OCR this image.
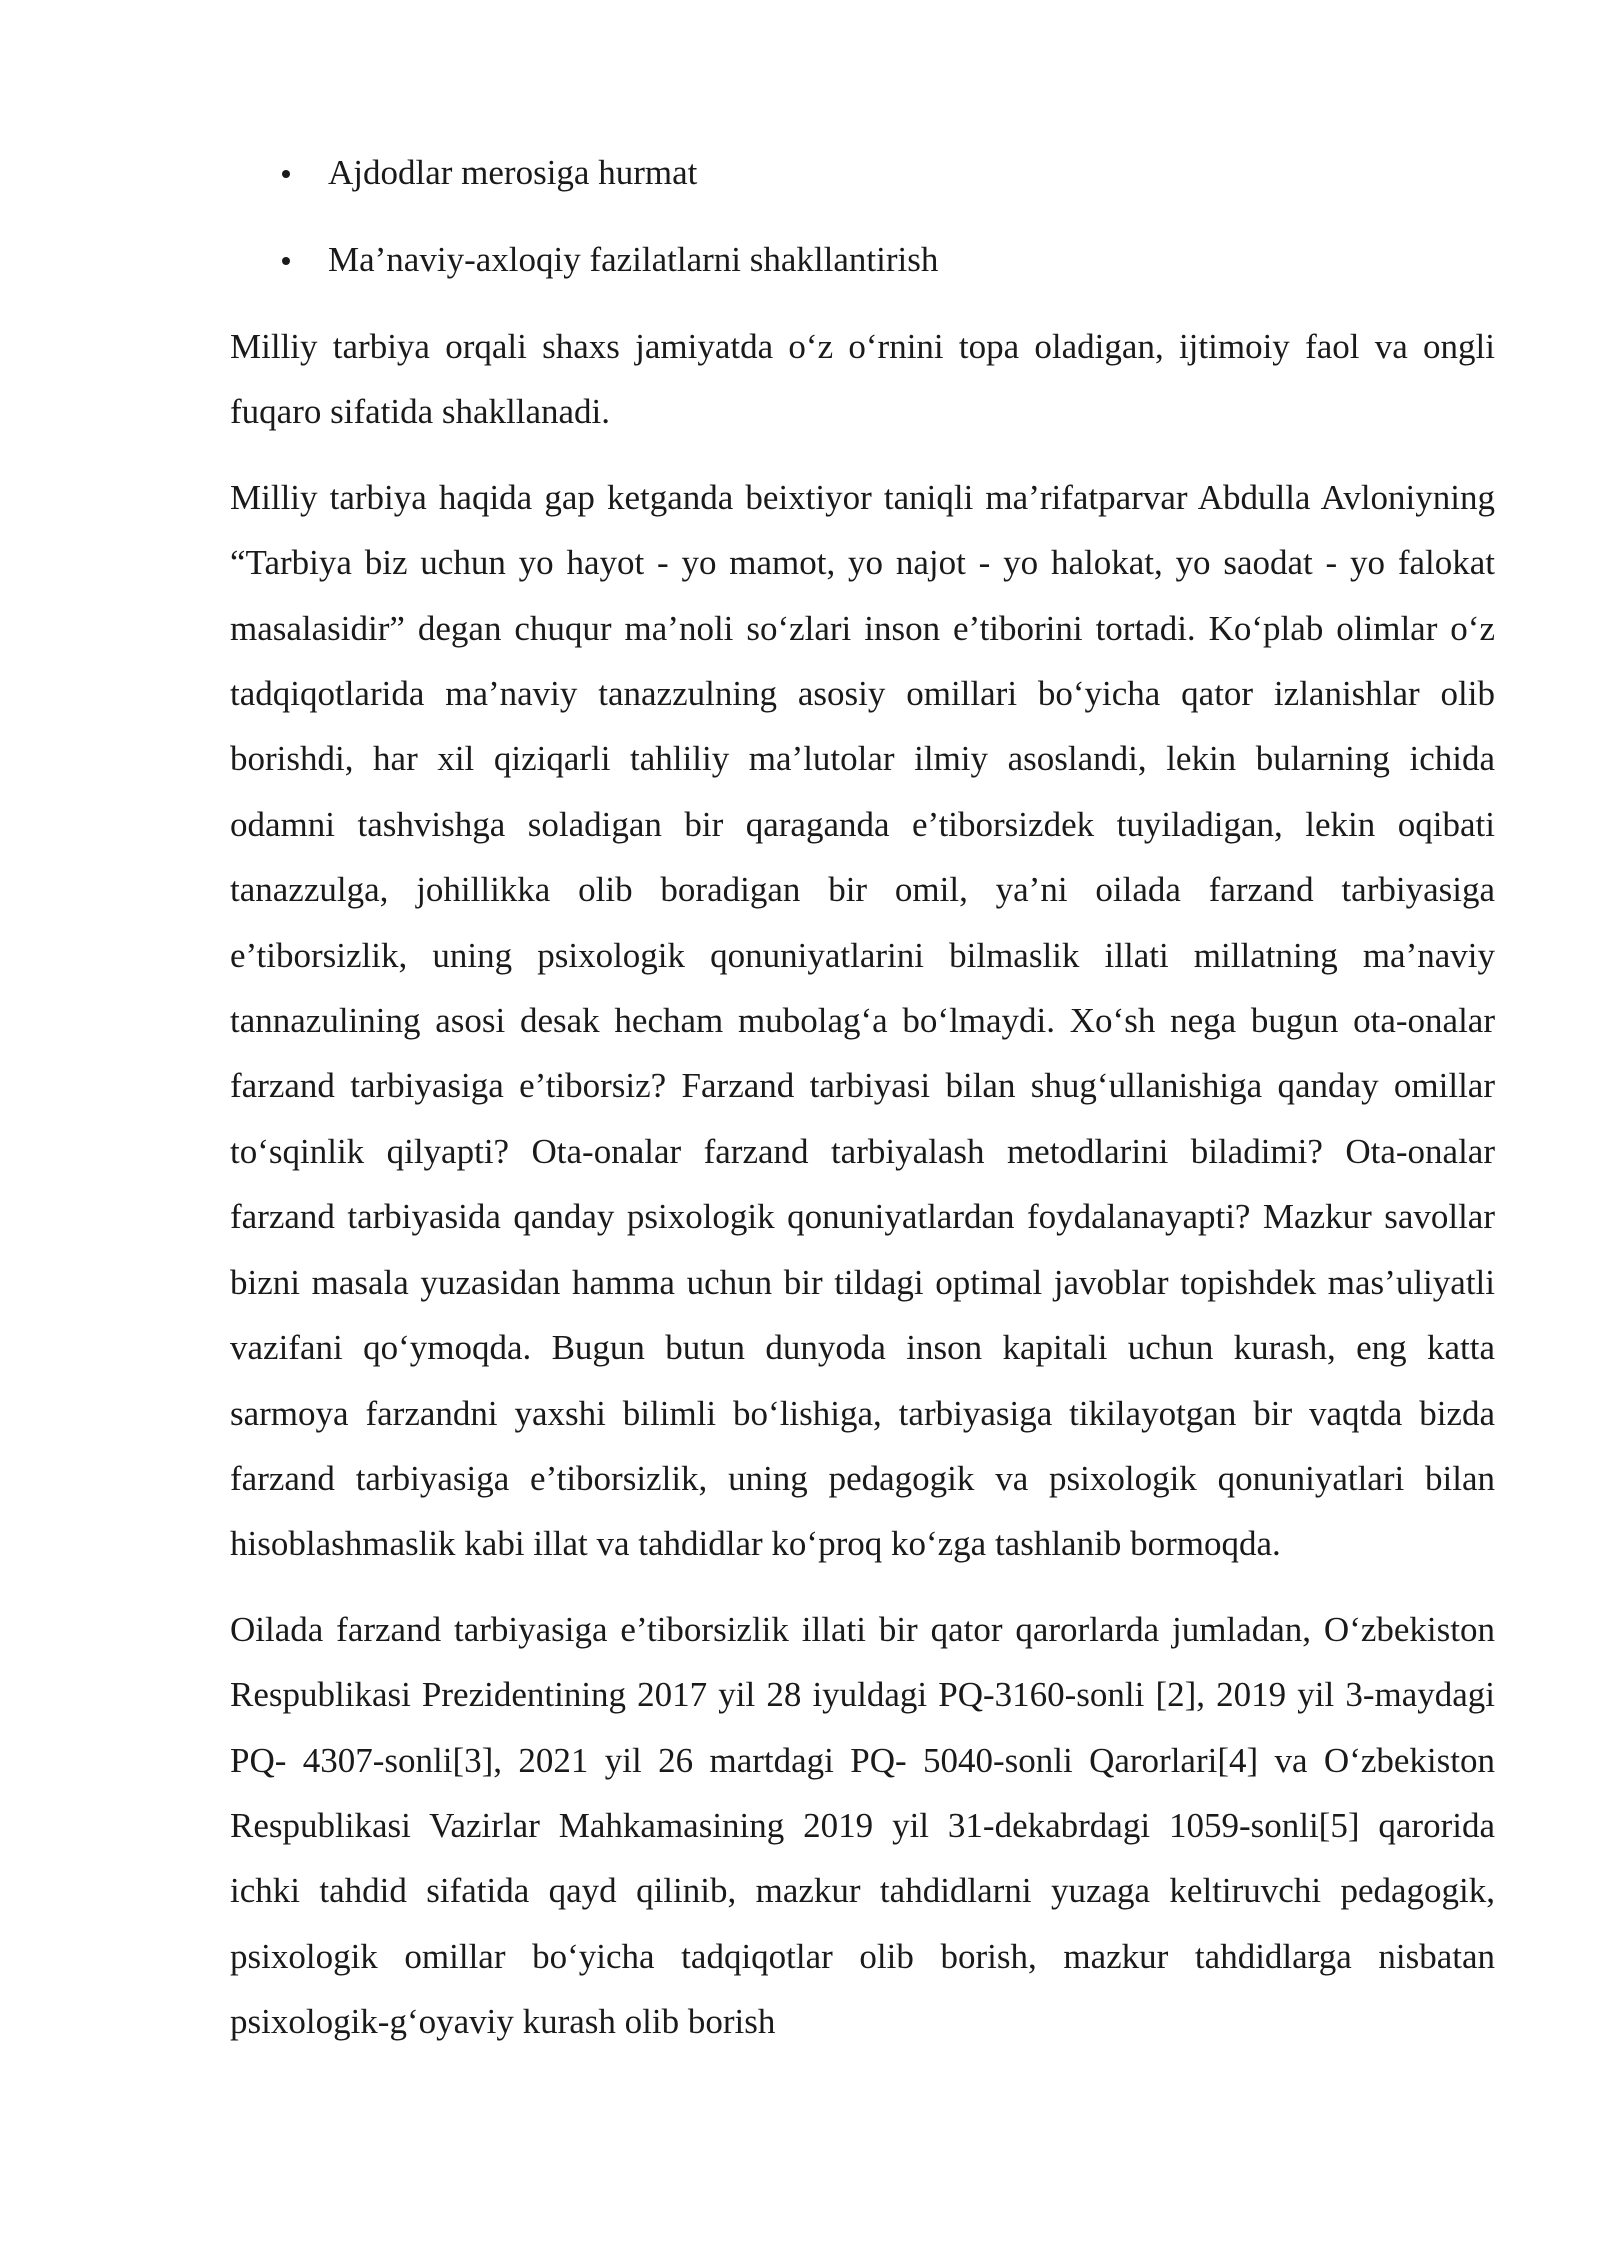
Ajdodlar merosiga hurmat
Ma’naviy-axloqiy fazilatlarni shakllantirish

Milliy tarbiya orqali shaxs jamiyatda o‘z o‘rnini topa oladigan, ijtimoiy faol va ongli fuqaro sifatida shakllanadi.

Milliy tarbiya haqida gap ketganda beixtiyor taniqli ma’rifatparvar Abdulla Avloniyning “Tarbiya biz uchun yo hayot - yo mamot, yo najot - yo halokat, yo saodat - yo falokat masalasidir” degan chuqur ma’noli so‘zlari inson e’tiborini tortadi. Ko‘plab olimlar o‘z tadqiqotlarida ma’naviy tanazzulning asosiy omillari bo‘yicha qator izlanishlar olib borishdi, har xil qiziqarli tahliliy ma’lutolar ilmiy asoslandi, lekin bularning ichida odamni tashvishga soladigan bir qaraganda e’tiborsizdek tuyiladigan, lekin oqibati tanazzulga, johillikka olib boradigan bir omil, ya’ni oilada farzand tarbiyasiga e’tiborsizlik, uning psixologik qonuniyatlarini bilmaslik illati millatning ma’naviy tannazulining asosi desak hecham mubolag‘a bo‘lmaydi. Xo‘sh nega bugun ota-onalar farzand tarbiyasiga e’tiborsiz? Farzand tarbiyasi bilan shug‘ullanishiga qanday omillar to‘sqinlik qilyapti? Ota-onalar farzand tarbiyalash metodlarini biladimi? Ota-onalar farzand tarbiyasida qanday psixologik qonuniyatlardan foydalanayapti? Mazkur savollar bizni masala yuzasidan hamma uchun bir tildagi optimal javoblar topishdek mas’uliyatli vazifani qo‘ymoqda. Bugun butun dunyoda inson kapitali uchun kurash, eng katta sarmoya farzandni yaxshi bilimli bo‘lishiga, tarbiyasiga tikilayotgan bir vaqtda bizda farzand tarbiyasiga e’tiborsizlik, uning pedagogik va psixologik qonuniyatlari bilan hisoblashmaslik kabi illat va tahdidlar ko‘proq ko‘zga tashlanib bormoqda.

Oilada farzand tarbiyasiga e’tiborsizlik illati bir qator qarorlarda jumladan, O‘zbekiston Respublikasi Prezidentining 2017 yil 28 iyuldagi PQ-3160-sonli [2], 2019 yil 3-maydagi PQ- 4307-sonli[3], 2021 yil 26 martdagi PQ- 5040-sonli Qarorlari[4] va O‘zbekiston Respublikasi Vazirlar Mahkamasining 2019 yil 31-dekabrdagi 1059-sonli[5] qarorida ichki tahdid sifatida qayd qilinib, mazkur tahdidlarni yuzaga keltiruvchi pedagogik, psixologik omillar bo‘yicha tadqiqotlar olib borish, mazkur tahdidlarga nisbatan psixologik-g‘oyaviy kurash olib borish
